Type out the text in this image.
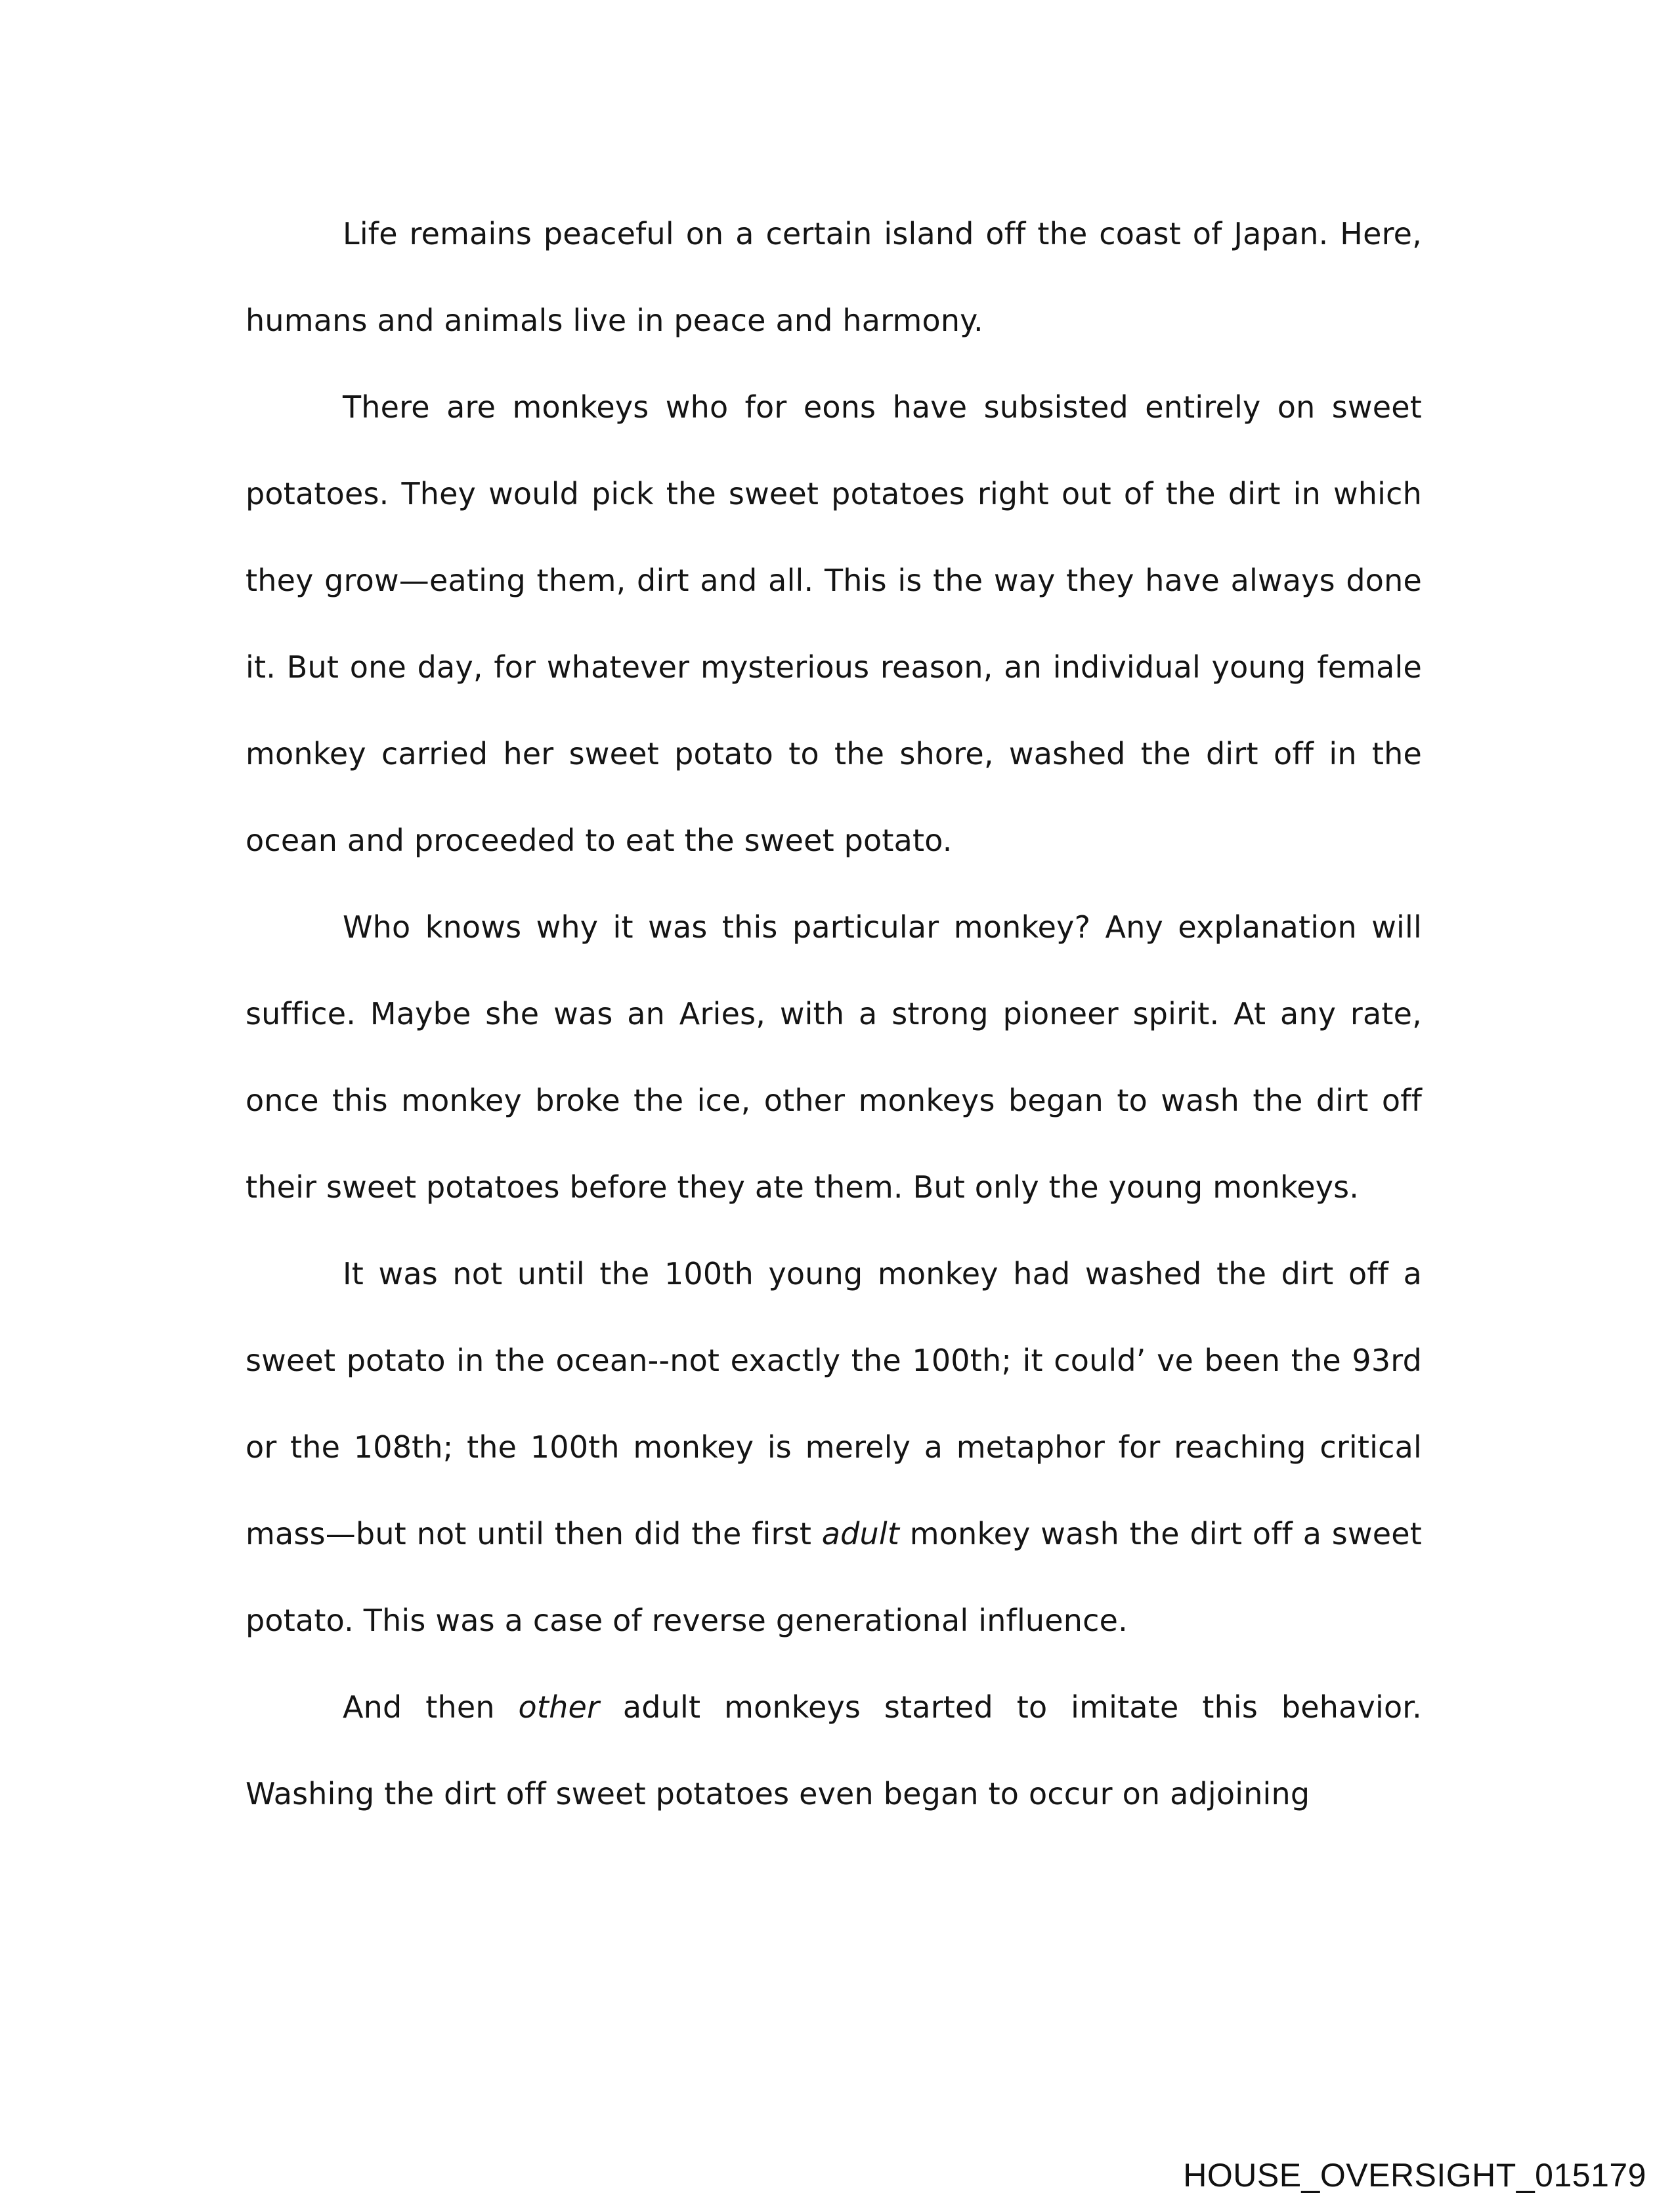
Life remains peaceful on a certain island off the coast of Japan. Here, humans and animals live in peace and harmony.

There are monkeys who for eons have subsisted entirely on sweet potatoes. They would pick the sweet potatoes right out of the dirt in which they grow—eating them, dirt and all. This is the way they have always done it. But one day, for whatever mysterious reason, an individual young female monkey carried her sweet potato to the shore, washed the dirt off in the ocean and proceeded to eat the sweet potato.

Who knows why it was this particular monkey? Any explanation will suffice. Maybe she was an Aries, with a strong pioneer spirit. At any rate, once this monkey broke the ice, other monkeys began to wash the dirt off their sweet potatoes before they ate them. But only the young monkeys.

It was not until the 100th young monkey had washed the dirt off a sweet potato in the ocean--not exactly the 100th; it could’ ve been the 93rd or the 108th; the 100th monkey is merely a metaphor for reaching critical mass—but not until then did the first adult monkey wash the dirt off a sweet potato. This was a case of reverse generational influence.

And then other adult monkeys started to imitate this behavior. Washing the dirt off sweet potatoes even began to occur on adjoining

HOUSE_OVERSIGHT_015179
